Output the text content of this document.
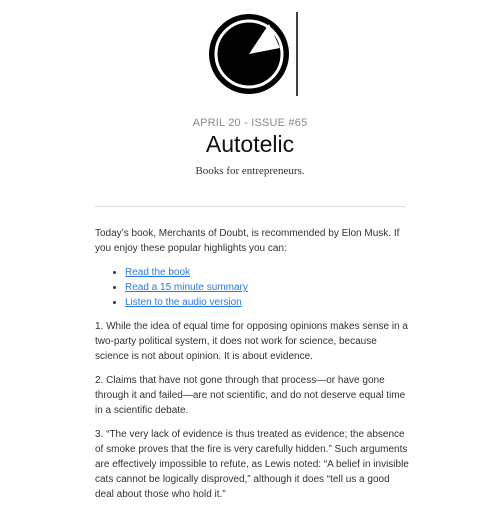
APRIL 20 - ISSUE #65
Autotelic
Books for entrepreneurs.

Today’s book, Merchants of Doubt, is recommended by Elon Musk. If you enjoy these popular highlights you can:

Read the book
Read a 15 minute summary
Listen to the audio version

1. While the idea of equal time for opposing opinions makes sense in a two-party political system, it does not work for science, because science is not about opinion. It is about evidence.

2. Claims that have not gone through that process—or have gone through it and failed—are not scientific, and do not deserve equal time in a scientific debate.

3. “The very lack of evidence is thus treated as evidence; the absence of smoke proves that the fire is very carefully hidden.” Such arguments are effectively impossible to refute, as Lewis noted: “A belief in invisible cats cannot be logically disproved,” although it does “tell us a good deal about those who hold it.”
